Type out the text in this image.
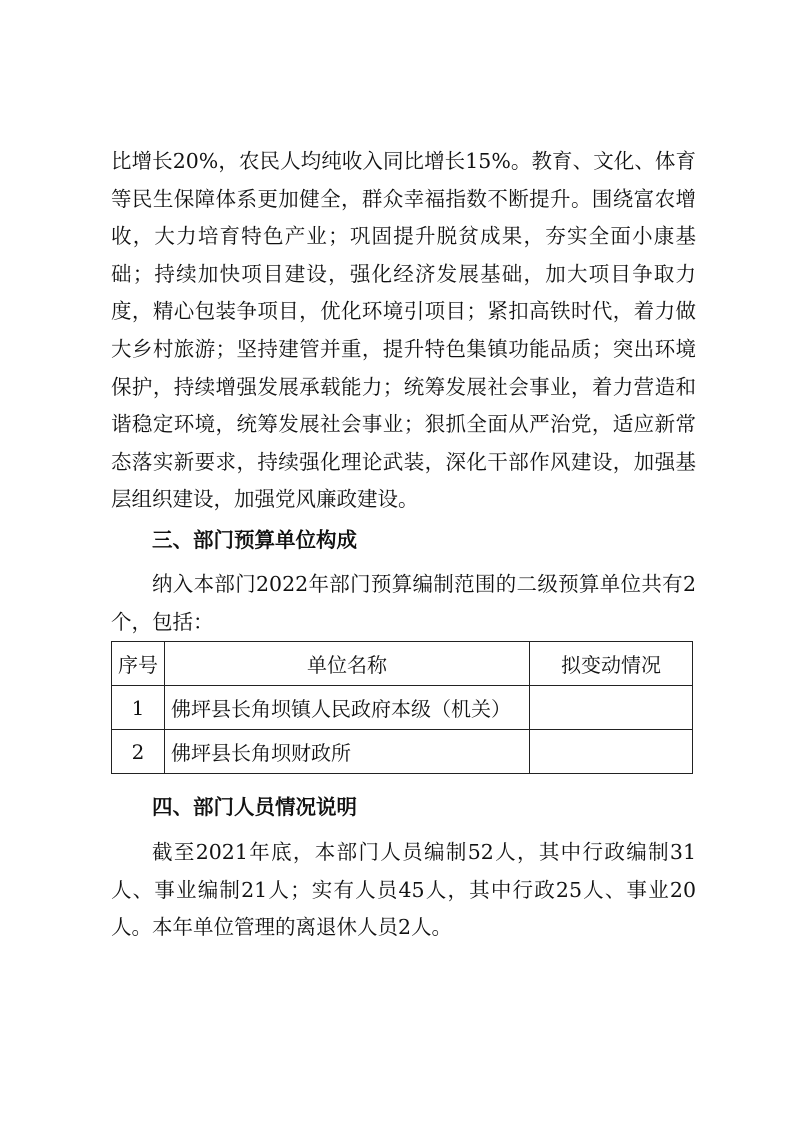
比增长20%，农民人均纯收入同比增长15%。教育、文化、体育等民生保障体系更加健全，群众幸福指数不断提升。围绕富农增收，大力培育特色产业；巩固提升脱贫成果，夯实全面小康基础；持续加快项目建设，强化经济发展基础，加大项目争取力度，精心包装争项目，优化环境引项目；紧扣高铁时代，着力做大乡村旅游；坚持建管并重，提升特色集镇功能品质；突出环境保护，持续增强发展承载能力；统筹发展社会事业，着力营造和谐稳定环境，统筹发展社会事业；狠抓全面从严治党，适应新常态落实新要求，持续强化理论武装，深化干部作风建设，加强基层组织建设，加强党风廉政建设。

三、部门预算单位构成

纳入本部门2022年部门预算编制范围的二级预算单位共有2个，包括：

序号	单位名称	拟变动情况
1	佛坪县长角坝镇人民政府本级（机关）	
2	佛坪县长角坝财政所	
四、部门人员情况说明

截至2021年底，本部门人员编制52人，其中行政编制31人、事业编制21人；实有人员45人，其中行政25人、事业20人。本年单位管理的离退休人员2人。
